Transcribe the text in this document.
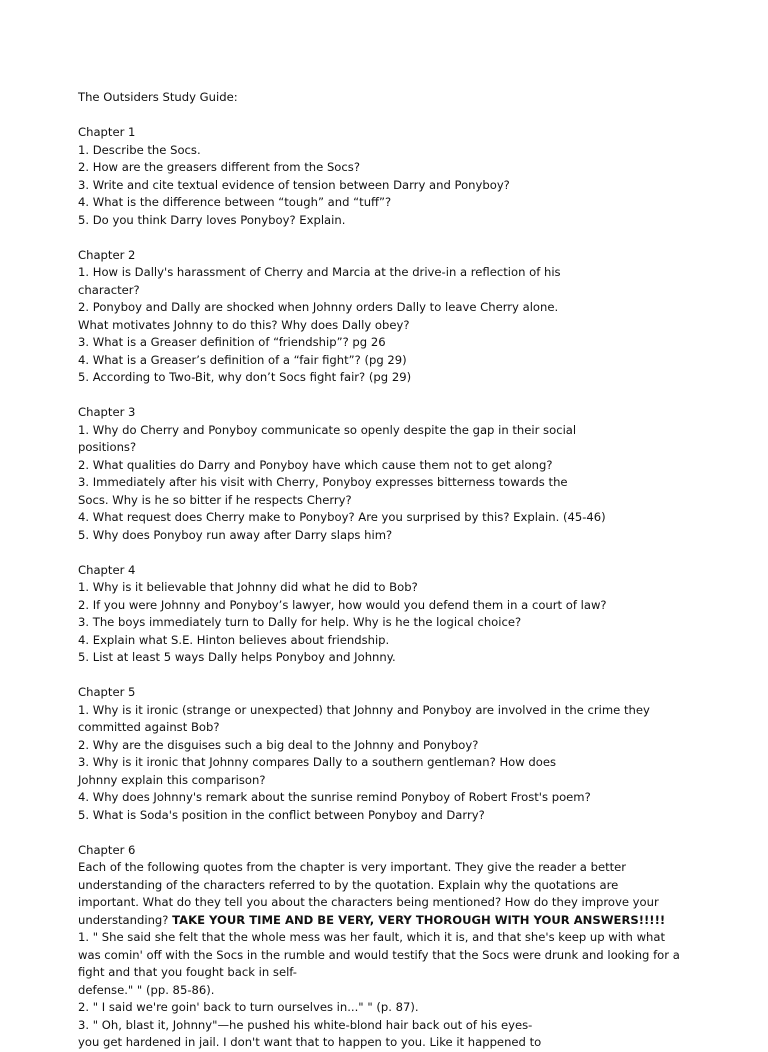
The Outsiders Study Guide:
Chapter 1
1. Describe the Socs.
2. How are the greasers different from the Socs?
3. Write and cite textual evidence of tension between Darry and Ponyboy?
4. What is the difference between “tough” and “tuff”?
5. Do you think Darry loves Ponyboy? Explain.
Chapter 2
1. How is Dally's harassment of Cherry and Marcia at the drive-in a reflection of his
character?
2. Ponyboy and Dally are shocked when Johnny orders Dally to leave Cherry alone.
What motivates Johnny to do this? Why does Dally obey?
3. What is a Greaser definition of “friendship”? pg 26
4. What is a Greaser’s definition of a “fair fight”? (pg 29)
5. According to Two-Bit, why don’t Socs fight fair? (pg 29)
Chapter 3
1. Why do Cherry and Ponyboy communicate so openly despite the gap in their social
positions?
2. What qualities do Darry and Ponyboy have which cause them not to get along?
3. Immediately after his visit with Cherry, Ponyboy expresses bitterness towards the
Socs. Why is he so bitter if he respects Cherry?
4. What request does Cherry make to Ponyboy? Are you surprised by this? Explain. (45-46)
5. Why does Ponyboy run away after Darry slaps him?
Chapter 4
1. Why is it believable that Johnny did what he did to Bob?
2. If you were Johnny and Ponyboy’s lawyer, how would you defend them in a court of law?
3. The boys immediately turn to Dally for help. Why is he the logical choice?
4. Explain what S.E. Hinton believes about friendship.
5. List at least 5 ways Dally helps Ponyboy and Johnny.
Chapter 5
1. Why is it ironic (strange or unexpected) that Johnny and Ponyboy are involved in the crime they
committed against Bob?
2. Why are the disguises such a big deal to the Johnny and Ponyboy?
3. Why is it ironic that Johnny compares Dally to a southern gentleman? How does
Johnny explain this comparison?
4. Why does Johnny's remark about the sunrise remind Ponyboy of Robert Frost's poem?
5. What is Soda's position in the conflict between Ponyboy and Darry?
Chapter 6
Each of the following quotes from the chapter is very important. They give the reader a better
understanding of the characters referred to by the quotation. Explain why the quotations are
important. What do they tell you about the characters being mentioned? How do they improve your
understanding? TAKE YOUR TIME AND BE VERY, VERY THOROUGH WITH YOUR ANSWERS!!!!!
1. " She said she felt that the whole mess was her fault, which it is, and that she's keep up with what
was comin' off with the Socs in the rumble and would testify that the Socs were drunk and looking for a
fight and that you fought back in self-
defense." " (pp. 85-86).
2. " I said we're goin' back to turn ourselves in..." " (p. 87).
3. " Oh, blast it, Johnny"—he pushed his white-blond hair back out of his eyes-
you get hardened in jail. I don't want that to happen to you. Like it happened to
